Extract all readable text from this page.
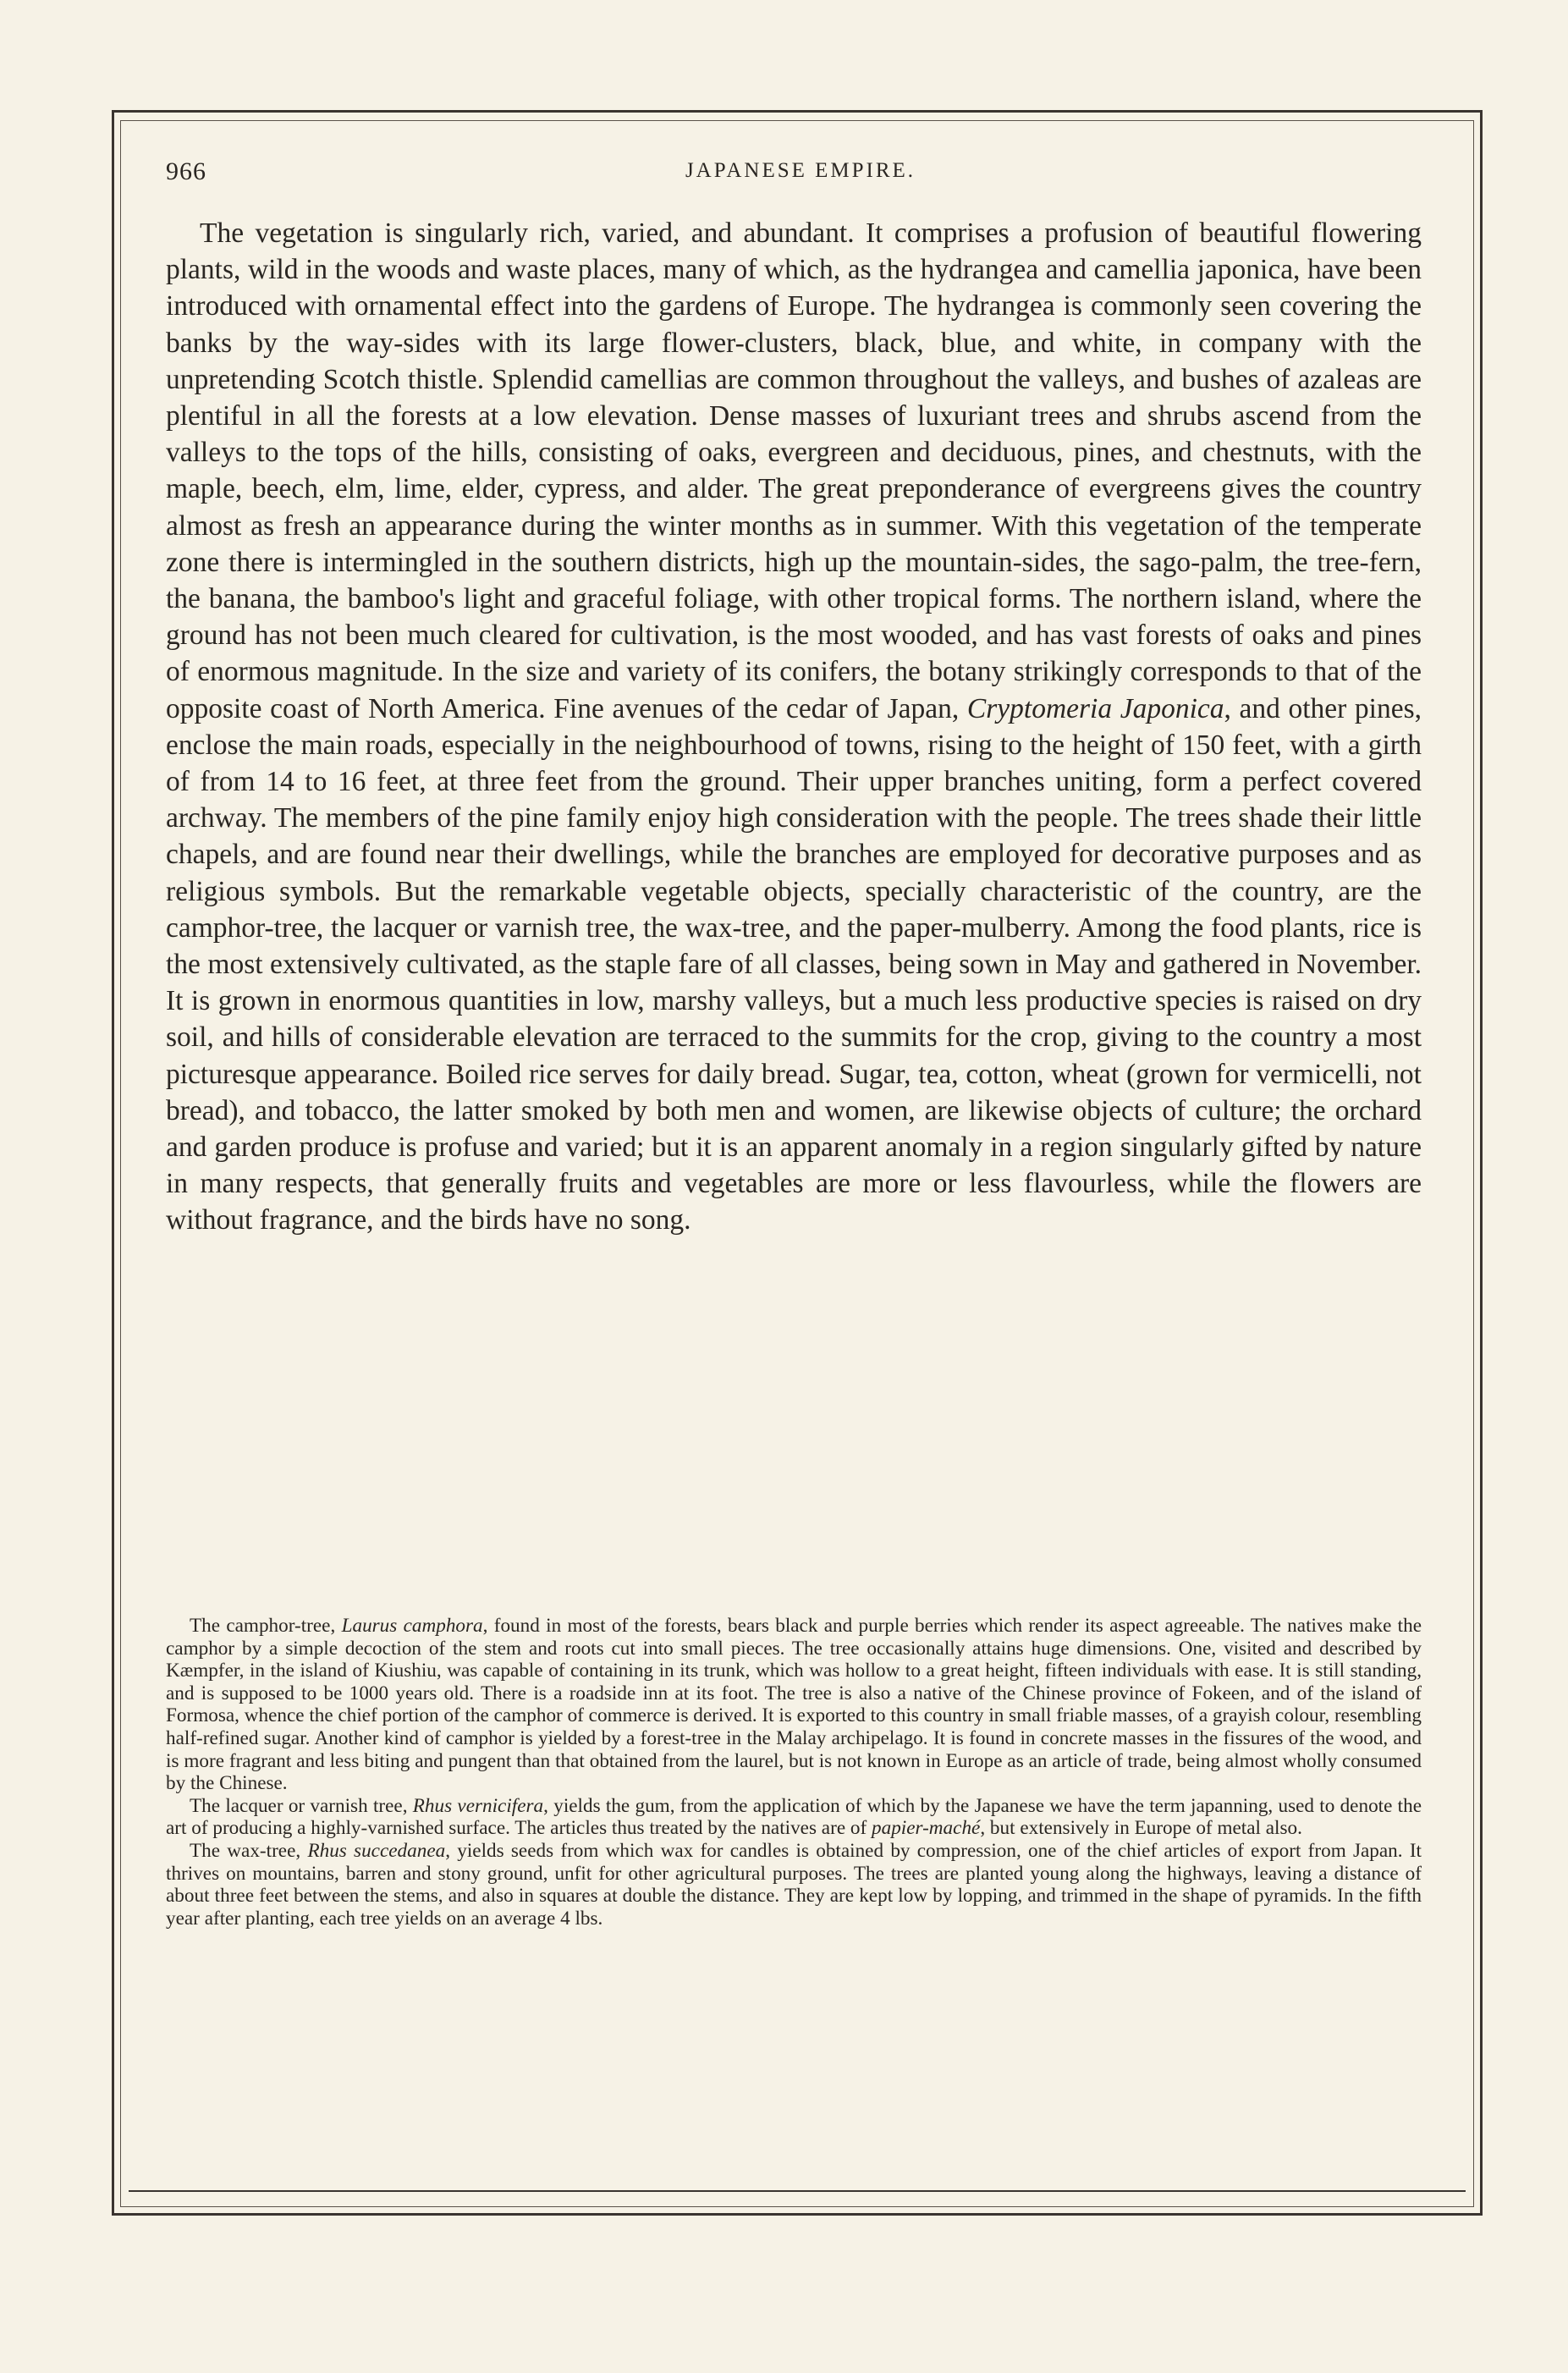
966	JAPANESE EMPIRE.

The vegetation is singularly rich, varied, and abundant. It comprises a profusion of beautiful flowering plants, wild in the woods and waste places, many of which, as the hydrangea and camellia japonica, have been introduced with ornamental effect into the gardens of Europe. The hydrangea is commonly seen covering the banks by the way-sides with its large flower-clusters, black, blue, and white, in company with the unpretending Scotch thistle. Splendid camellias are common throughout the valleys, and bushes of azaleas are plentiful in all the forests at a low elevation. Dense masses of luxuriant trees and shrubs ascend from the valleys to the tops of the hills, consisting of oaks, evergreen and deciduous, pines, and chestnuts, with the maple, beech, elm, lime, elder, cypress, and alder. The great preponderance of evergreens gives the country almost as fresh an appearance during the winter months as in summer. With this vegetation of the temperate zone there is intermingled in the southern districts, high up the mountain-sides, the sago-palm, the tree-fern, the banana, the bamboo's light and graceful foliage, with other tropical forms. The northern island, where the ground has not been much cleared for cultivation, is the most wooded, and has vast forests of oaks and pines of enormous magnitude. In the size and variety of its conifers, the botany strikingly corresponds to that of the opposite coast of North America. Fine avenues of the cedar of Japan, Cryptomeria Japonica, and other pines, enclose the main roads, especially in the neighbourhood of towns, rising to the height of 150 feet, with a girth of from 14 to 16 feet, at three feet from the ground. Their upper branches uniting, form a perfect covered archway. The members of the pine family enjoy high consideration with the people. The trees shade their little chapels, and are found near their dwellings, while the branches are employed for decorative purposes and as religious symbols. But the remarkable vegetable objects, specially characteristic of the country, are the camphor-tree, the lacquer or varnish tree, the wax-tree, and the paper-mulberry. Among the food plants, rice is the most extensively cultivated, as the staple fare of all classes, being sown in May and gathered in November. It is grown in enormous quantities in low, marshy valleys, but a much less productive species is raised on dry soil, and hills of considerable elevation are terraced to the summits for the crop, giving to the country a most picturesque appearance. Boiled rice serves for daily bread. Sugar, tea, cotton, wheat (grown for vermicelli, not bread), and tobacco, the latter smoked by both men and women, are likewise objects of culture; the orchard and garden produce is profuse and varied; but it is an apparent anomaly in a region singularly gifted by nature in many respects, that generally fruits and vegetables are more or less flavourless, while the flowers are without fragrance, and the birds have no song.

The camphor-tree, Laurus camphora, found in most of the forests, bears black and purple berries which render its aspect agreeable. The natives make the camphor by a simple decoction of the stem and roots cut into small pieces. The tree occasionally attains huge dimensions. One, visited and described by Kæmpfer, in the island of Kiushiu, was capable of containing in its trunk, which was hollow to a great height, fifteen individuals with ease. It is still standing, and is supposed to be 1000 years old. There is a roadside inn at its foot. The tree is also a native of the Chinese province of Fokeen, and of the island of Formosa, whence the chief portion of the camphor of commerce is derived. It is exported to this country in small friable masses, of a grayish colour, resembling half-refined sugar. Another kind of camphor is yielded by a forest-tree in the Malay archipelago. It is found in concrete masses in the fissures of the wood, and is more fragrant and less biting and pungent than that obtained from the laurel, but is not known in Europe as an article of trade, being almost wholly consumed by the Chinese.

The lacquer or varnish tree, Rhus vernicifera, yields the gum, from the application of which by the Japanese we have the term japanning, used to denote the art of producing a highly-varnished surface. The articles thus treated by the natives are of papier-maché, but extensively in Europe of metal also.

The wax-tree, Rhus succedanea, yields seeds from which wax for candles is obtained by compression, one of the chief articles of export from Japan. It thrives on mountains, barren and stony ground, unfit for other agricultural purposes. The trees are planted young along the highways, leaving a distance of about three feet between the stems, and also in squares at double the distance. They are kept low by lopping, and trimmed in the shape of pyramids. In the fifth year after planting, each tree yields on an average 4 lbs.
